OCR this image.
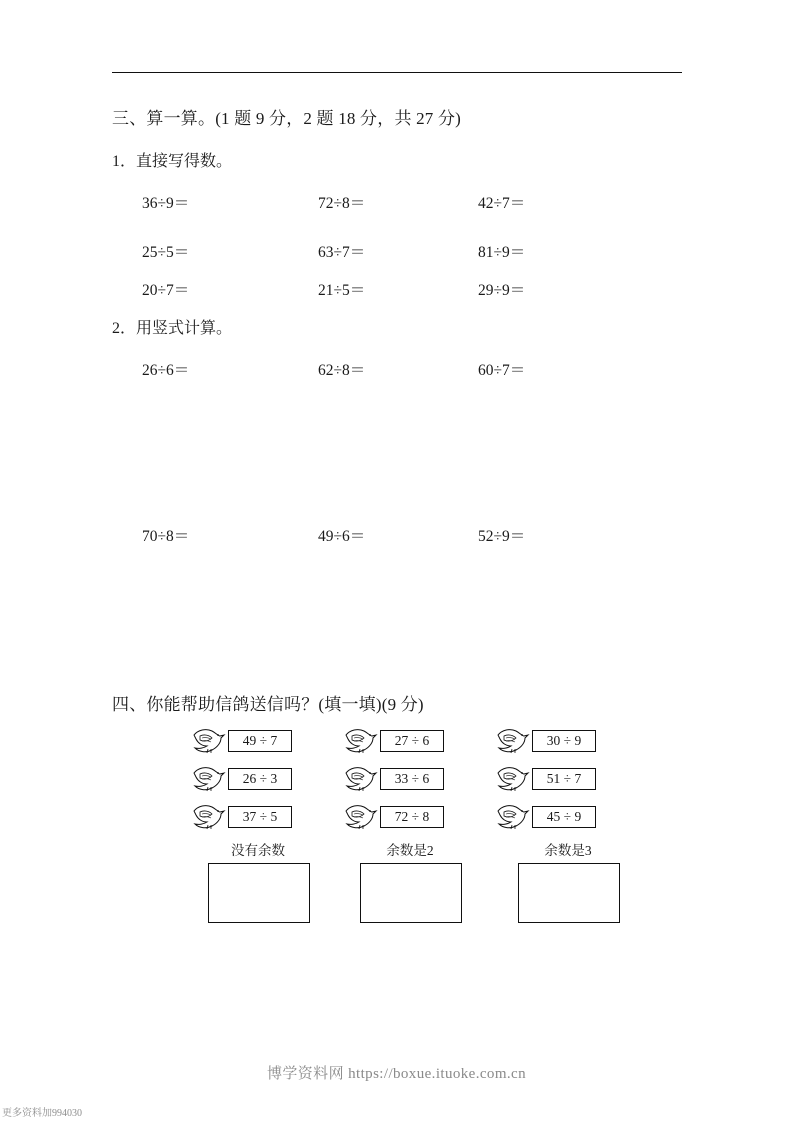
三、算一算。(1 题 9 分，2 题 18 分，共 27 分)
1．直接写得数。
36÷9＝	72÷8＝	42÷7＝
25÷5＝	63÷7＝	81÷9＝
20÷7＝	21÷5＝	29÷9＝
2．用竖式计算。
26÷6＝	62÷8＝	60÷7＝
70÷8＝	49÷6＝	52÷9＝
四、你能帮助信鸽送信吗？(填一填)(9 分)
49 ÷ 7
26 ÷ 3
37 ÷ 5
没有余数
27 ÷ 6
33 ÷ 6
72 ÷ 8
余数是2
30 ÷ 9
51 ÷ 7
45 ÷ 9
余数是3
博学资料网 https://boxue.ituoke.com.cn
更多资料加994030
